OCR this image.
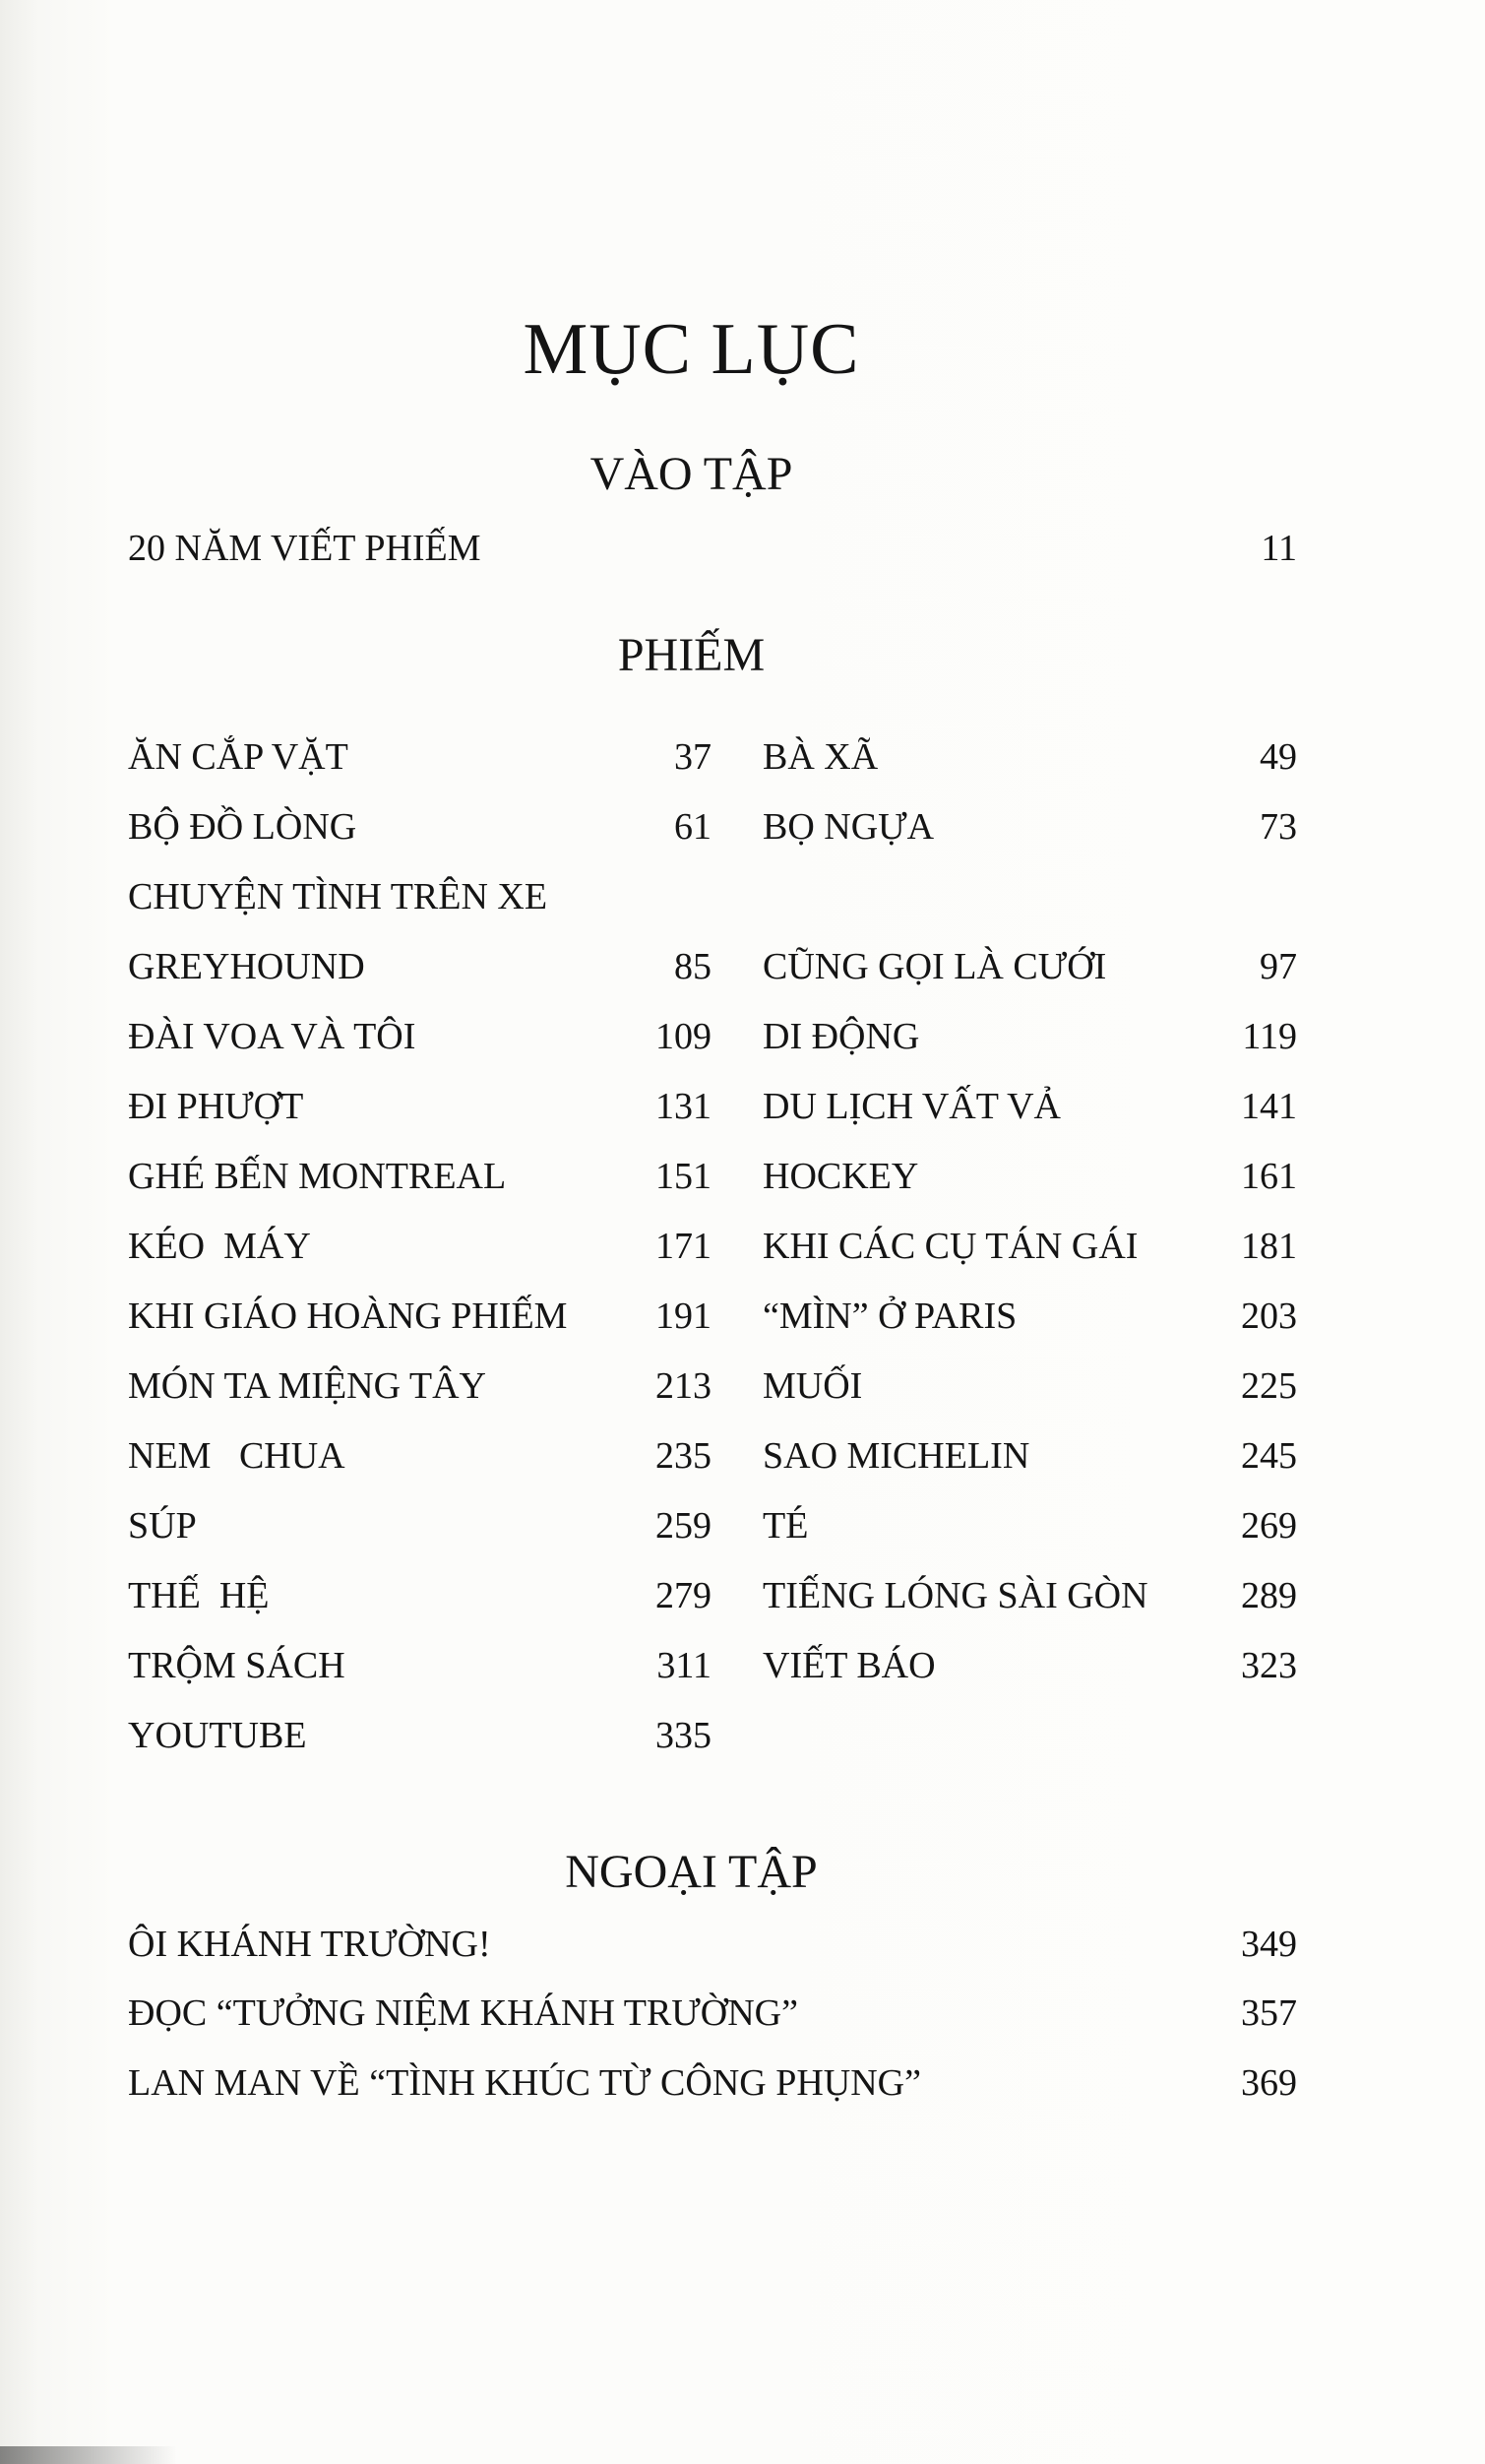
MỤC LỤC
VÀO TẬP
20 NĂM VIẾT PHIẾM	11
PHIẾM
ĂN CẮP VẶT	37
BỘ ĐỒ LÒNG	61
CHUYỆN TÌNH TRÊN XE
GREYHOUND	85
ĐÀI VOA VÀ TÔI	109
ĐI PHƯỢT	131
GHÉ BẾN MONTREAL	151
KÉO  MÁY	171
KHI GIÁO HOÀNG PHIẾM 191
MÓN TA MIỆNG TÂY	213
NEM   CHUA	235
SÚP	259
THẾ  HỆ	279
TRỘM SÁCH	311
YOUTUBE	335
BÀ XÃ	49
BỌ NGỰA	73
CŨNG GỌI LÀ CƯỚI	97
DI ĐỘNG	119
DU LỊCH VẤT VẢ	141
HOCKEY	161
KHI CÁC CỤ TÁN GÁI	181
“MÌN” Ở PARIS	203
MUỐI	225
SAO MICHELIN	245
TÉ	269
TIẾNG LÓNG SÀI GÒN 289
VIẾT BÁO	323
NGOẠI TẬP
ÔI KHÁNH TRƯỜNG!	349
ĐỌC “TƯỞNG NIỆM KHÁNH TRƯỜNG”	357
LAN MAN VỀ “TÌNH KHÚC TỪ CÔNG PHỤNG”	369
